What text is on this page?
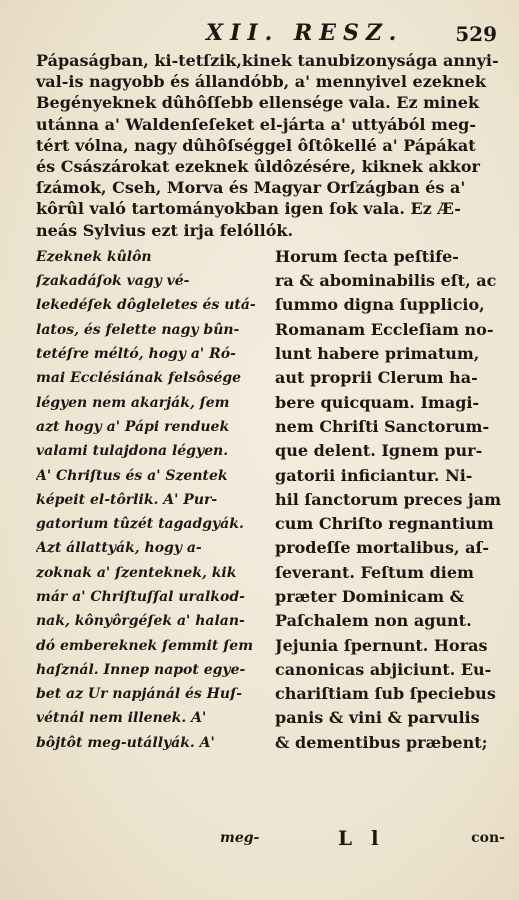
XII. RESZ.	529
Pápaságban, ki-tetſzik,kinek tanubizonysága annyi-
val-is nagyobb és állandóbb, a' mennyivel ezeknek
Begényeknek dûhôſſebb ellensége vala. Ez minek
utánna a' Waldenſeſeket el-járta a' uttyából meg-
tért vólna, nagy dûhôſséggel ôſtôkellé a' Pápákat
és Császárokat ezeknek ûldôzésére, kiknek akkor
ſzámok, Cseh, Morva és Magyar Orſzágban és a'
kôrûl való tartományokban igen ſok vala. Ez Æ-
neás Sylvius ezt irja felóllók.
Ezeknek kûlôn
ſzakadáſok vagy vé-
lekedéſek dôgleletes és utá-
latos, és felette nagy bûn-
tetéſre méltó, hogy a' Ró-
mai Ecclésiának felsôsége
légyen nem akarják, ſem
azt hogy a' Pápi renduek
valami tulajdona légyen.
A' Chriſtus és a' Szentek
képeit el-tôrlik. A' Pur-
gatorium tûzét tagadgyák.
Azt állattyák, hogy a-
zoknak a' ſzenteknek, kik
már a' Chriſtuſſal uralkod-
nak, kônyôrgéſek a' halan-
dó embereknek ſemmit ſem
haſznál. Innep napot egye-
bet az Ur napjánál és Huſ-
vétnál nem illenek. A'
bôjtôt meg-utállyák. A'
Horum ſecta peſtife-
ra & abominabilis eſt, ac
ſummo digna ſupplicio,
Romanam Eccleſiam no-
lunt habere primatum,
aut proprii Clerum ha-
bere quicquam. Imagi-
nem Chriſti Sanctorum-
que delent. Ignem pur-
gatorii inficiantur. Ni-
hil ſanctorum preces jam
cum Chriſto regnantium
prodeſſe mortalibus, aſ-
ſeverant. Feſtum diem
præter Dominicam &
Paſchalem non agunt.
Jejunia ſpernunt. Horas
canonicas abjiciunt. Eu-
chariſtiam ſub ſpeciebus
panis & vini & parvulis
& dementibus præbent;
meg-	L l	con-
